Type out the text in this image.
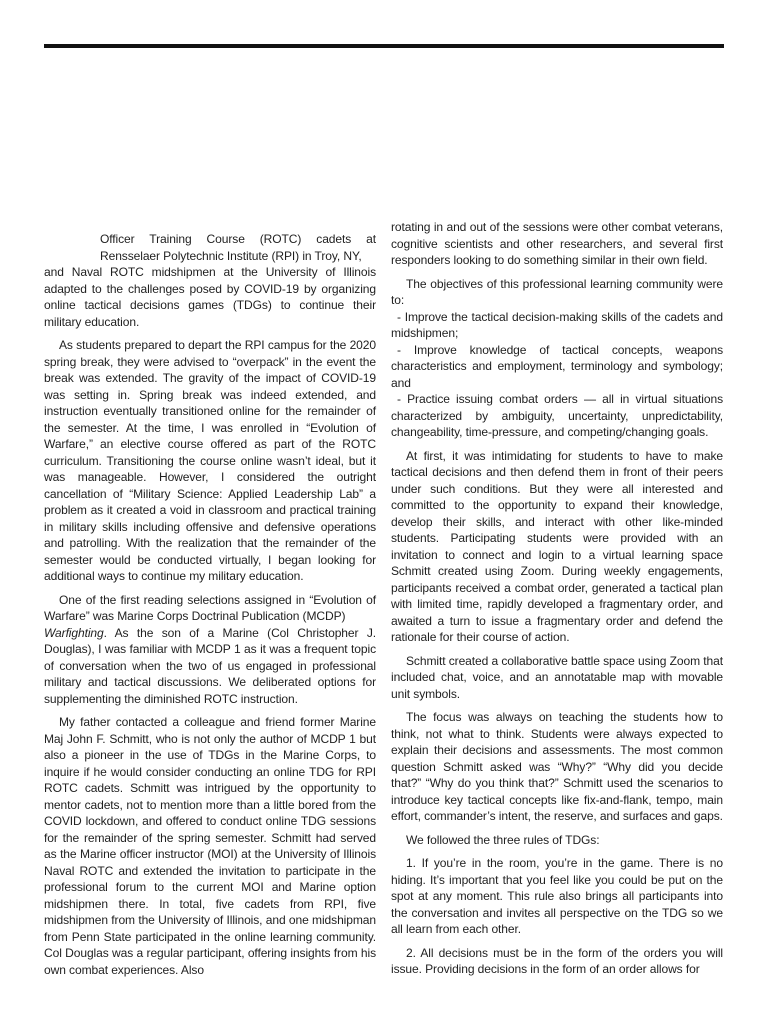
Officer Training Course (ROTC) cadets at Rensselaer Polytechnic Institute (RPI) in Troy, NY,
and Naval ROTC midshipmen at the University of Illinois adapted to the challenges posed by COVID-19 by organizing online tactical decisions games (TDGs) to continue their military education.

As students prepared to depart the RPI campus for the 2020 spring break, they were advised to “overpack” in the event the break was extended. The gravity of the impact of COVID-19 was setting in. Spring break was indeed extended, and instruction eventually transitioned online for the remainder of the semester. At the time, I was enrolled in “Evolution of Warfare,” an elective course offered as part of the ROTC curriculum. Transitioning the course online wasn’t ideal, but it was manageable. However, I considered the outright cancellation of “Military Science: Applied Leadership Lab” a problem as it created a void in classroom and practical training in military skills including offensive and defensive operations and patrolling. With the realization that the remainder of the semester would be conducted virtually, I began looking for additional ways to continue my military education.

One of the first reading selections assigned in “Evolution of Warfare” was Marine Corps Doctrinal Publication (MCDP)
Warfighting. As the son of a Marine (Col Christopher J. Douglas), I was familiar with MCDP 1 as it was a frequent topic of conversation when the two of us engaged in professional military and tactical discussions. We deliberated options for supplementing the diminished ROTC instruction.

My father contacted a colleague and friend former Marine Maj John F. Schmitt, who is not only the author of MCDP 1 but also a pioneer in the use of TDGs in the Marine Corps, to inquire if he would consider conducting an online TDG for RPI ROTC cadets. Schmitt was intrigued by the opportunity to mentor cadets, not to mention more than a little bored from the COVID lockdown, and offered to conduct online TDG sessions for the remainder of the spring semester. Schmitt had served as the Marine officer instructor (MOI) at the University of Illinois Naval ROTC and extended the invitation to participate in the professional forum to the current MOI and Marine option midshipmen there. In total, five cadets from RPI, five midshipmen from the University of Illinois, and one midshipman from Penn State participated in the online learning community. Col Douglas was a regular participant, offering insights from his own combat experiences. Also

rotating in and out of the sessions were other combat veterans, cognitive scientists and other researchers, and several first responders looking to do something similar in their own field.

The objectives of this professional learning community were to:

- Improve the tactical decision-making skills of the cadets and midshipmen;

- Improve knowledge of tactical concepts, weapons characteristics and employment, terminology and symbology; and

- Practice issuing combat orders — all in virtual situations characterized by ambiguity, uncertainty, unpredictability, changeability, time-pressure, and competing/changing goals.

At first, it was intimidating for students to have to make tactical decisions and then defend them in front of their peers under such conditions. But they were all interested and committed to the opportunity to expand their knowledge, develop their skills, and interact with other like-minded students. Participating students were provided with an invitation to connect and login to a virtual learning space Schmitt created using Zoom. During weekly engagements, participants received a combat order, generated a tactical plan with limited time, rapidly developed a fragmentary order, and awaited a turn to issue a fragmentary order and defend the rationale for their course of action.

Schmitt created a collaborative battle space using Zoom that included chat, voice, and an annotatable map with movable unit symbols.

The focus was always on teaching the students how to think, not what to think. Students were always expected to explain their decisions and assessments. The most common question Schmitt asked was “Why?” “Why did you decide that?” “Why do you think that?” Schmitt used the scenarios to introduce key tactical concepts like fix-and-flank, tempo, main effort, commander’s intent, the reserve, and surfaces and gaps.

We followed the three rules of TDGs:

1. If you’re in the room, you’re in the game. There is no hiding. It’s important that you feel like you could be put on the spot at any moment. This rule also brings all participants into the conversation and invites all perspective on the TDG so we all learn from each other.

2. All decisions must be in the form of the orders you will issue. Providing decisions in the form of an order allows for
